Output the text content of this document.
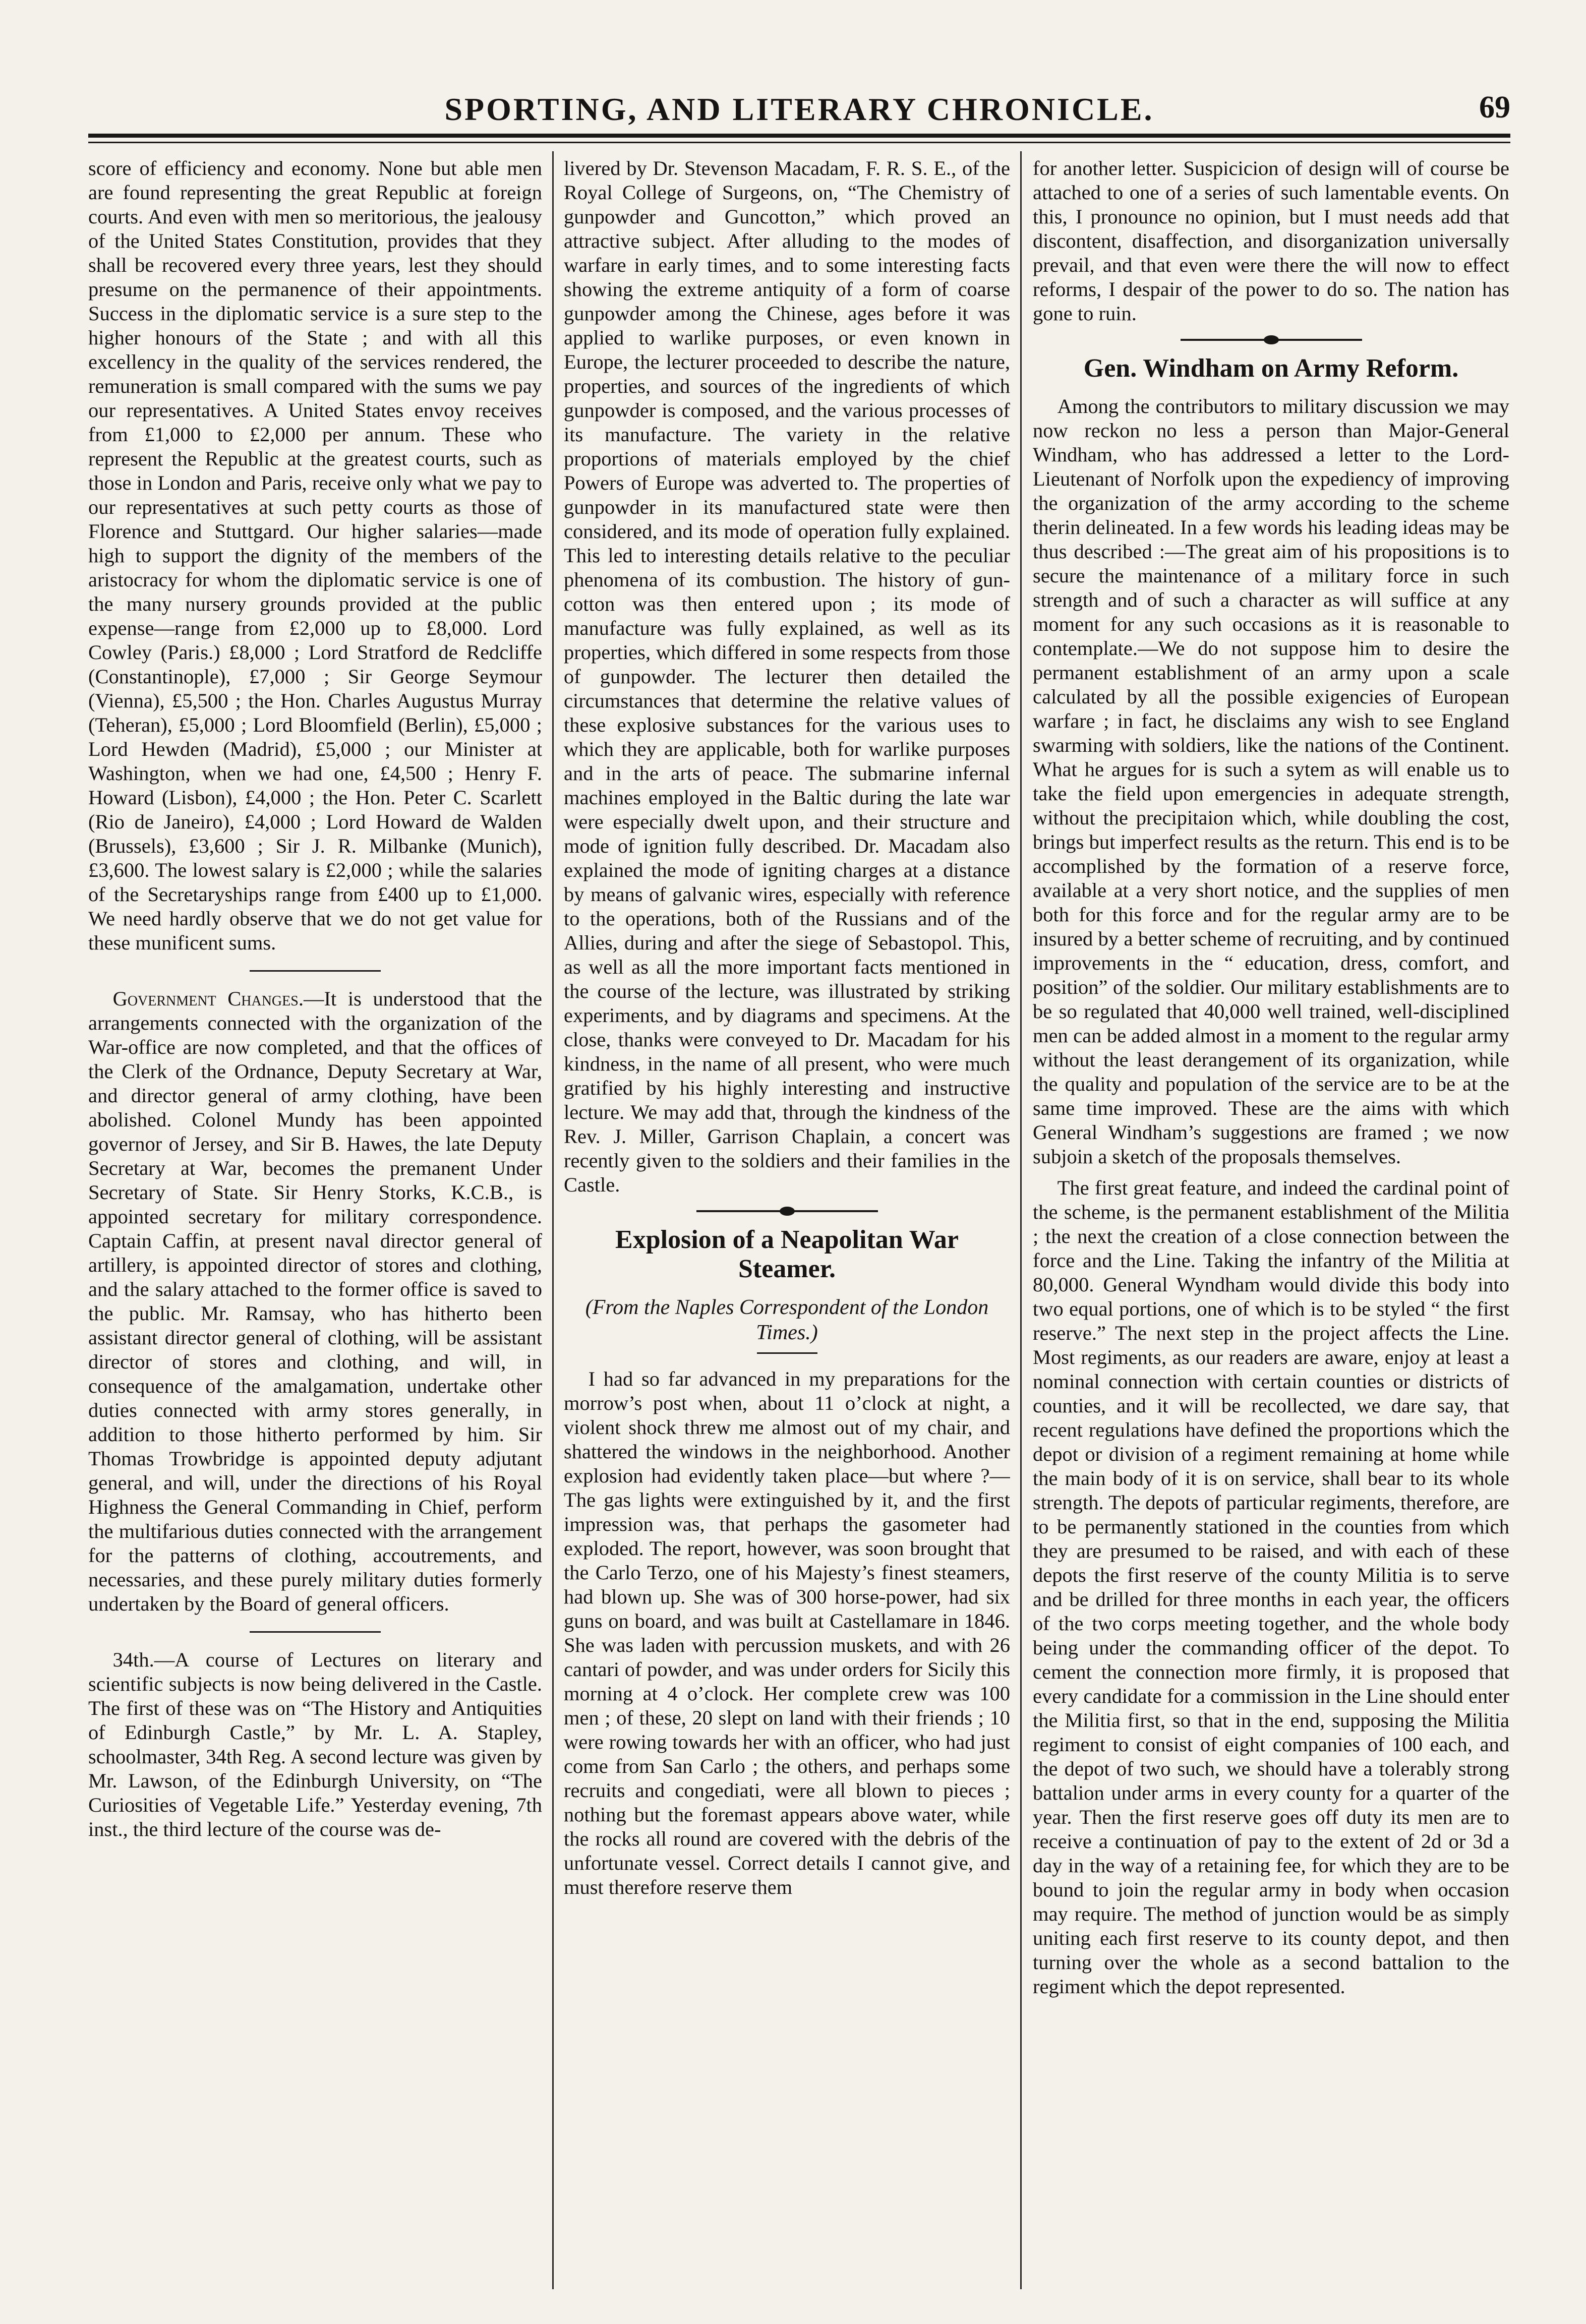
SPORTING, AND LITERARY CHRONICLE.	69

score of efficiency and economy. None but able men are found representing the great Republic at foreign courts. And even with men so meritorious, the jealousy of the United States Constitution, provides that they shall be recovered every three years, lest they should presume on the permanence of their appointments. Success in the diplomatic service is a sure step to the higher honours of the State ; and with all this excellency in the quality of the services rendered, the remuneration is small compared with the sums we pay our representatives. A United States envoy receives from £1,000 to £2,000 per annum. These who represent the Republic at the greatest courts, such as those in London and Paris, receive only what we pay to our representatives at such petty courts as those of Florence and Stuttgard. Our higher salaries—made high to support the dignity of the members of the aristocracy for whom the diplomatic service is one of the many nursery grounds provided at the public expense—range from £2,000 up to £8,000. Lord Cowley (Paris.) £8,000 ; Lord Stratford de Redcliffe (Constantinople), £7,000 ; Sir George Seymour (Vienna), £5,500 ; the Hon. Charles Augustus Murray (Teheran), £5,000 ; Lord Bloomfield (Berlin), £5,000 ; Lord Hewden (Madrid), £5,000 ; our Minister at Washington, when we had one, £4,500 ; Henry F. Howard (Lisbon), £4,000 ; the Hon. Peter C. Scarlett (Rio de Janeiro), £4,000 ; Lord Howard de Walden (Brussels), £3,600 ; Sir J. R. Milbanke (Munich), £3,600. The lowest salary is £2,000 ; while the salaries of the Secretaryships range from £400 up to £1,000. We need hardly observe that we do not get value for these munificent sums.

Government Changes.—It is understood that the arrangements connected with the organization of the War-office are now completed, and that the offices of the Clerk of the Ordnance, Deputy Secretary at War, and director general of army clothing, have been abolished. Colonel Mundy has been appointed governor of Jersey, and Sir B. Hawes, the late Deputy Secretary at War, becomes the premanent Under Secretary of State. Sir Henry Storks, K.C.B., is appointed secretary for military correspondence. Captain Caffin, at present naval director general of artillery, is appointed director of stores and clothing, and the salary attached to the former office is saved to the public. Mr. Ramsay, who has hitherto been assistant director general of clothing, will be assistant director of stores and clothing, and will, in consequence of the amalgamation, undertake other duties connected with army stores generally, in addition to those hitherto performed by him. Sir Thomas Trowbridge is appointed deputy adjutant general, and will, under the directions of his Royal Highness the General Commanding in Chief, perform the multifarious duties connected with the arrangement for the patterns of clothing, accoutrements, and necessaries, and these purely military duties formerly undertaken by the Board of general officers.

34th.—A course of Lectures on literary and scientific subjects is now being delivered in the Castle. The first of these was on “The History and Antiquities of Edinburgh Castle,” by Mr. L. A. Stapley, schoolmaster, 34th Reg. A second lecture was given by Mr. Lawson, of the Edinburgh University, on “The Curiosities of Vegetable Life.” Yesterday evening, 7th inst., the third lecture of the course was de-

livered by Dr. Stevenson Macadam, F. R. S. E., of the Royal College of Surgeons, on, “The Chemistry of gunpowder and Guncotton,” which proved an attractive subject. After alluding to the modes of warfare in early times, and to some interesting facts showing the extreme antiquity of a form of coarse gunpowder among the Chinese, ages before it was applied to warlike purposes, or even known in Europe, the lecturer proceeded to describe the nature, properties, and sources of the ingredients of which gunpowder is composed, and the various processes of its manufacture. The variety in the relative proportions of materials employed by the chief Powers of Europe was adverted to. The properties of gunpowder in its manufactured state were then considered, and its mode of operation fully explained. This led to interesting details relative to the peculiar phenomena of its combustion. The history of gun-cotton was then entered upon ; its mode of manufacture was fully explained, as well as its properties, which differed in some respects from those of gunpowder. The lecturer then detailed the circumstances that determine the relative values of these explosive substances for the various uses to which they are applicable, both for warlike purposes and in the arts of peace. The submarine infernal machines employed in the Baltic during the late war were especially dwelt upon, and their structure and mode of ignition fully described. Dr. Macadam also explained the mode of igniting charges at a distance by means of galvanic wires, especially with reference to the operations, both of the Russians and of the Allies, during and after the siege of Sebastopol. This, as well as all the more important facts mentioned in the course of the lecture, was illustrated by striking experiments, and by diagrams and specimens. At the close, thanks were conveyed to Dr. Macadam for his kindness, in the name of all present, who were much gratified by his highly interesting and instructive lecture. We may add that, through the kindness of the Rev. J. Miller, Garrison Chaplain, a concert was recently given to the soldiers and their families in the Castle.

Explosion of a Neapolitan War Steamer.

(From the Naples Correspondent of the London Times.)

I had so far advanced in my preparations for the morrow’s post when, about 11 o’clock at night, a violent shock threw me almost out of my chair, and shattered the windows in the neighborhood. Another explosion had evidently taken place—but where ?—The gas lights were extinguished by it, and the first impression was, that perhaps the gasometer had exploded. The report, however, was soon brought that the Carlo Terzo, one of his Majesty’s finest steamers, had blown up. She was of 300 horse-power, had six guns on board, and was built at Castellamare in 1846. She was laden with percussion muskets, and with 26 cantari of powder, and was under orders for Sicily this morning at 4 o’clock. Her complete crew was 100 men ; of these, 20 slept on land with their friends ; 10 were rowing towards her with an officer, who had just come from San Carlo ; the others, and perhaps some recruits and congediati, were all blown to pieces ; nothing but the foremast appears above water, while the rocks all round are covered with the debris of the unfortunate vessel. Correct details I cannot give, and must therefore reserve them

for another letter. Suspicicion of design will of course be attached to one of a series of such lamentable events. On this, I pronounce no opinion, but I must needs add that discontent, disaffection, and disorganization universally prevail, and that even were there the will now to effect reforms, I despair of the power to do so. The nation has gone to ruin.

Gen. Windham on Army Reform.

Among the contributors to military discussion we may now reckon no less a person than Major-General Windham, who has addressed a letter to the Lord-Lieutenant of Norfolk upon the expediency of improving the organization of the army according to the scheme therin delineated. In a few words his leading ideas may be thus described :—The great aim of his propositions is to secure the maintenance of a military force in such strength and of such a character as will suffice at any moment for any such occasions as it is reasonable to contemplate.—We do not suppose him to desire the permanent establishment of an army upon a scale calculated by all the possible exigencies of European warfare ; in fact, he disclaims any wish to see England swarming with soldiers, like the nations of the Continent. What he argues for is such a sytem as will enable us to take the field upon emergencies in adequate strength, without the precipitaion which, while doubling the cost, brings but imperfect results as the return. This end is to be accomplished by the formation of a reserve force, available at a very short notice, and the supplies of men both for this force and for the regular army are to be insured by a better scheme of recruiting, and by continued improvements in the “ education, dress, comfort, and position” of the soldier. Our military establishments are to be so regulated that 40,000 well trained, well-disciplined men can be added almost in a moment to the regular army without the least derangement of its organization, while the quality and population of the service are to be at the same time improved. These are the aims with which General Windham’s suggestions are framed ; we now subjoin a sketch of the proposals themselves.

The first great feature, and indeed the cardinal point of the scheme, is the permanent establishment of the Militia ; the next the creation of a close connection between the force and the Line. Taking the infantry of the Militia at 80,000. General Wyndham would divide this body into two equal portions, one of which is to be styled “ the first reserve.” The next step in the project affects the Line. Most regiments, as our readers are aware, enjoy at least a nominal connection with certain counties or districts of counties, and it will be recollected, we dare say, that recent regulations have defined the proportions which the depot or division of a regiment remaining at home while the main body of it is on service, shall bear to its whole strength. The depots of particular regiments, therefore, are to be permanently stationed in the counties from which they are presumed to be raised, and with each of these depots the first reserve of the county Militia is to serve and be drilled for three months in each year, the officers of the two corps meeting together, and the whole body being under the commanding officer of the depot. To cement the connection more firmly, it is proposed that every candidate for a commission in the Line should enter the Militia first, so that in the end, supposing the Militia regiment to consist of eight companies of 100 each, and the depot of two such, we should have a tolerably strong battalion under arms in every county for a quarter of the year. Then the first reserve goes off duty its men are to receive a continuation of pay to the extent of 2d or 3d a day in the way of a retaining fee, for which they are to be bound to join the regular army in body when occasion may require. The method of junction would be as simply uniting each first reserve to its county depot, and then turning over the whole as a second battalion to the regiment which the depot represented.
